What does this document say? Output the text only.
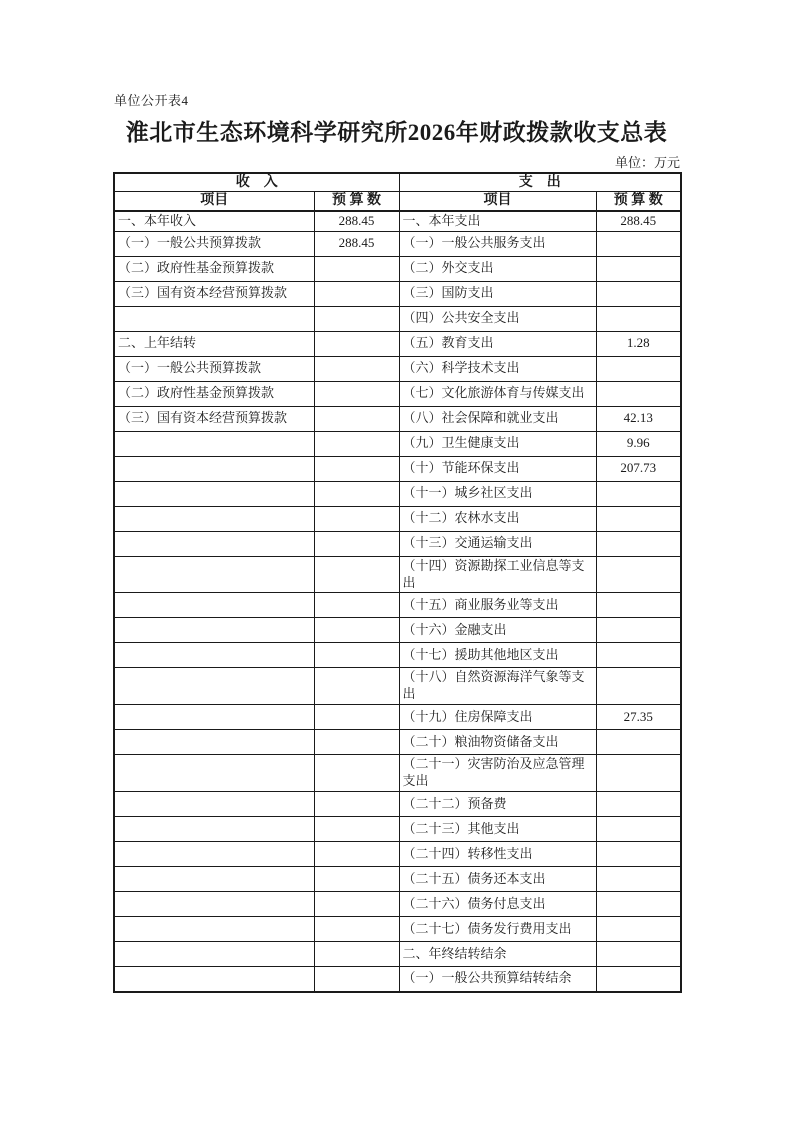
单位公开表4
淮北市生态环境科学研究所2026年财政拨款收支总表
单位：万元
收　入		支　出	
项目	预 算 数	项目	预 算 数
一、本年收入	288.45	一、本年支出	288.45
（一）一般公共预算拨款	288.45	（一）一般公共服务支出	
（二）政府性基金预算拨款		（二）外交支出	
（三）国有资本经营预算拨款		（三）国防支出	
		（四）公共安全支出	
二、上年结转		（五）教育支出	1.28
（一）一般公共预算拨款		（六）科学技术支出	
（二）政府性基金预算拨款		（七）文化旅游体育与传媒支出	
（三）国有资本经营预算拨款		（八）社会保障和就业支出	42.13
		（九）卫生健康支出	9.96
		（十）节能环保支出	207.73
		（十一）城乡社区支出	
		（十二）农林水支出	
		（十三）交通运输支出	
		（十四）资源勘探工业信息等支出	
		（十五）商业服务业等支出	
		（十六）金融支出	
		（十七）援助其他地区支出	
		（十八）自然资源海洋气象等支出	
		（十九）住房保障支出	27.35
		（二十）粮油物资储备支出	
		（二十一）灾害防治及应急管理支出	
		（二十二）预备费	
		（二十三）其他支出	
		（二十四）转移性支出	
		（二十五）债务还本支出	
		（二十六）债务付息支出	
		（二十七）债务发行费用支出	
		二、年终结转结余	
		（一）一般公共预算结转结余	
